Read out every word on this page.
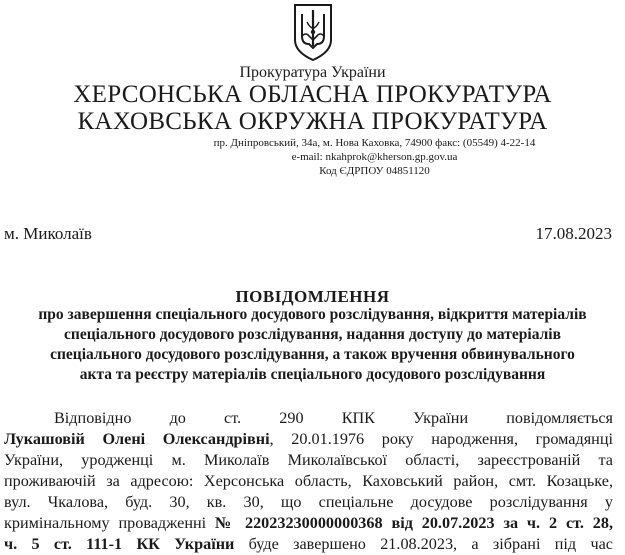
Прокуратура України
ХЕРСОНСЬКА ОБЛАСНА ПРОКУРАТУРА
КАХОВСЬКА ОКРУЖНА ПРОКУРАТУРА
пр. Дніпровський, 34а, м. Нова Каховка, 74900 факс: (05549) 4-22-14
e-mail: nkahprok@kherson.gp.gov.ua
Код ЄДРПОУ 04851120
м. Миколаїв	17.08.2023
ПОВІДОМЛЕННЯ
про завершення спеціального досудового розслідування, відкриття матеріалів
спеціального досудового розслідування, надання доступу до матеріалів
спеціального досудового розслідування, а також вручення обвинувального
акта та реєстру матеріалів спеціального досудового розслідування
Відповідно до ст. 290 КПК України повідомляється
Лукашовій Олені Олександрівні, 20.01.1976 року народження, громадянці
України, уродженці м. Миколаїв Миколаївської області, зареєстрованій та
проживаючій за адресою: Херсонська область, Каховський район, смт. Козацьке,
вул. Чкалова, буд. 30, кв. 30, що спеціальне досудове розслідування у
кримінальному провадженні № 22023230000000368 від 20.07.2023 за ч. 2 ст. 28,
ч. 5 ст. 111-1 КК України буде завершено 21.08.2023, а зібрані під час
